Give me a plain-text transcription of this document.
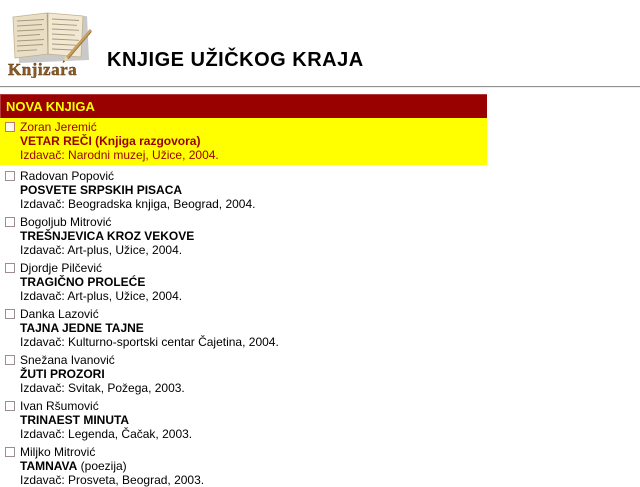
Knjizara KNJIGE UŽIČKOG KRAJA
NOVA KNJIGA
Zoran Jeremić
VETAR REČI (Knjiga razgovora)
Izdavač: Narodni muzej, Užice, 2004.
Radovan Popović
POSVETE SRPSKIH PISACA
Izdavač: Beogradska knjiga, Beograd, 2004.
Bogoljub Mitrović
TREŠNJEVICA KROZ VEKOVE
Izdavač: Art-plus, Užice, 2004.
Djordje Pilčević
TRAGIČNO PROLEĆE
Izdavač: Art-plus, Užice, 2004.
Danka Lazović
TAJNA JEDNE TAJNE
Izdavač: Kulturno-sportski centar Čajetina, 2004.
Snežana Ivanović
ŽUTI PROZORI
Izdavač: Svitak, Požega, 2003.
Ivan Ršumović
TRINAEST MINUTA
Izdavač: Legenda, Čačak, 2003.
Miljko Mitrović
TAMNAVA (poezija)
Izdavač: Prosveta, Beograd, 2003.
